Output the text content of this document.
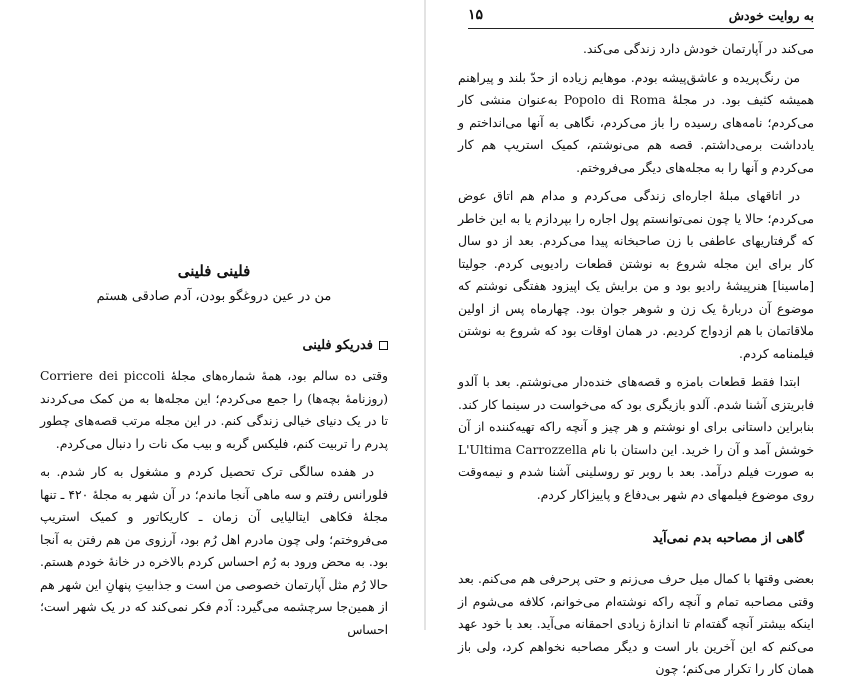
فلینی فلینی
من در عین دروغگو بودن، آدم صادقی هستم
فدریکو فلینی

وقتی ده سالم بود، همهٔ شماره‌های مجلهٔ Corriere dei piccoli (روزنامهٔ بچه‌ها) را جمع می‌کردم؛ این مجله‌ها به من کمک می‌کردند تا در یک دنیای خیالی زندگی کنم. در این مجله مرتب قصه‌های چطور پدرم را تربیت کنم، فلیکس گربه و بیب مک نات را دنبال می‌کردم.

در هفده سالگی ترک تحصیل کردم و مشغول به کار شدم. به فلورانس رفتم و سه ماهی آنجا ماندم؛ در آن شهر به مجلهٔ ۴۲۰ ـ تنها مجلهٔ فکاهی ایتالیایی آن زمان ـ کاریکاتور و کمیک استریپ می‌فروختم؛ ولی چون مادرم اهل رُم بود، آرزوی من هم رفتن به آنجا بود. به محض ورود به رُم احساس کردم بالاخره در خانهٔ خودم هستم. حالا رُم مثل آپارتمان خصوصی من است و جذابیتِ پنهانِ این شهر هم از همین‌جا سرچشمه می‌گیرد: آدم فکر نمی‌کند که در یک شهر است؛ احساس

به روایت خودش
۱۵

می‌کند در آپارتمان خودش دارد زندگی می‌کند.

من رنگ‌پریده و عاشق‌پیشه بودم. موهایم زیاده از حدّ بلند و پیراهنم همیشه کثیف بود. در مجلهٔ Popolo di Roma به‌عنوان منشی کار می‌کردم؛ نامه‌های رسیده را باز می‌کردم، نگاهی به آنها می‌انداختم و یادداشت برمی‌داشتم. قصه هم می‌نوشتم، کمیک استریپ هم کار می‌کردم و آنها را به مجله‌های دیگر می‌فروختم.

در اتاقهای مبلهٔ اجاره‌ای زندگی می‌کردم و مدام هم اتاق عوض می‌کردم؛ حالا یا چون نمی‌توانستم پول اجاره را بپردازم یا به این خاطر که گرفتاریهای عاطفی با زن صاحبخانه پیدا می‌کردم. بعد از دو سال کار برای این مجله شروع به نوشتن قطعات رادیویی کردم. جولیتا [ماسینا] هنرپیشهٔ رادیو بود و من برایش یک اپیزود هفتگی نوشتم که موضوع آن دربارهٔ یک زن و شوهر جوان بود. چهارماه پس از اولین ملاقاتمان با هم ازدواج کردیم. در همان اوقات بود که شروع به نوشتن فیلمنامه کردم.

ابتدا فقط قطعات بامزه و قصه‌های خنده‌دار می‌نوشتم. بعد با آلدو فابریتزی آشنا شدم. آلدو بازیگری بود که می‌خواست در سینما کار کند. بنابراین داستانی برای او نوشتم و هر چیز و آنچه راکه تهیه‌کننده از آن خوشش آمد و آن را خرید. این داستان با نام L'Ultima Carrozzella به صورت فیلم درآمد. بعد با روبر تو روسلینی آشنا شدم و نیمه‌وقت روی موضوع فیلمهای دم شهر بی‌دفاع و پاییزاکار کردم.

گاهی از مصاحبه بدم نمی‌آید

بعضی وقتها با کمال میل حرف می‌زنم و حتی پرحرفی هم می‌کنم. بعد وقتی مصاحبه تمام و آنچه راکه نوشته‌ام می‌خوانم، کلافه می‌شوم از اینکه بیشتر آنچه گفته‌ام تا اندازهٔ زیادی احمقانه می‌آید. بعد با خود عهد می‌کنم که این آخرین بار است و دیگر مصاحبه نخواهم کرد، ولی باز همان کار را تکرار می‌کنم؛ چون
